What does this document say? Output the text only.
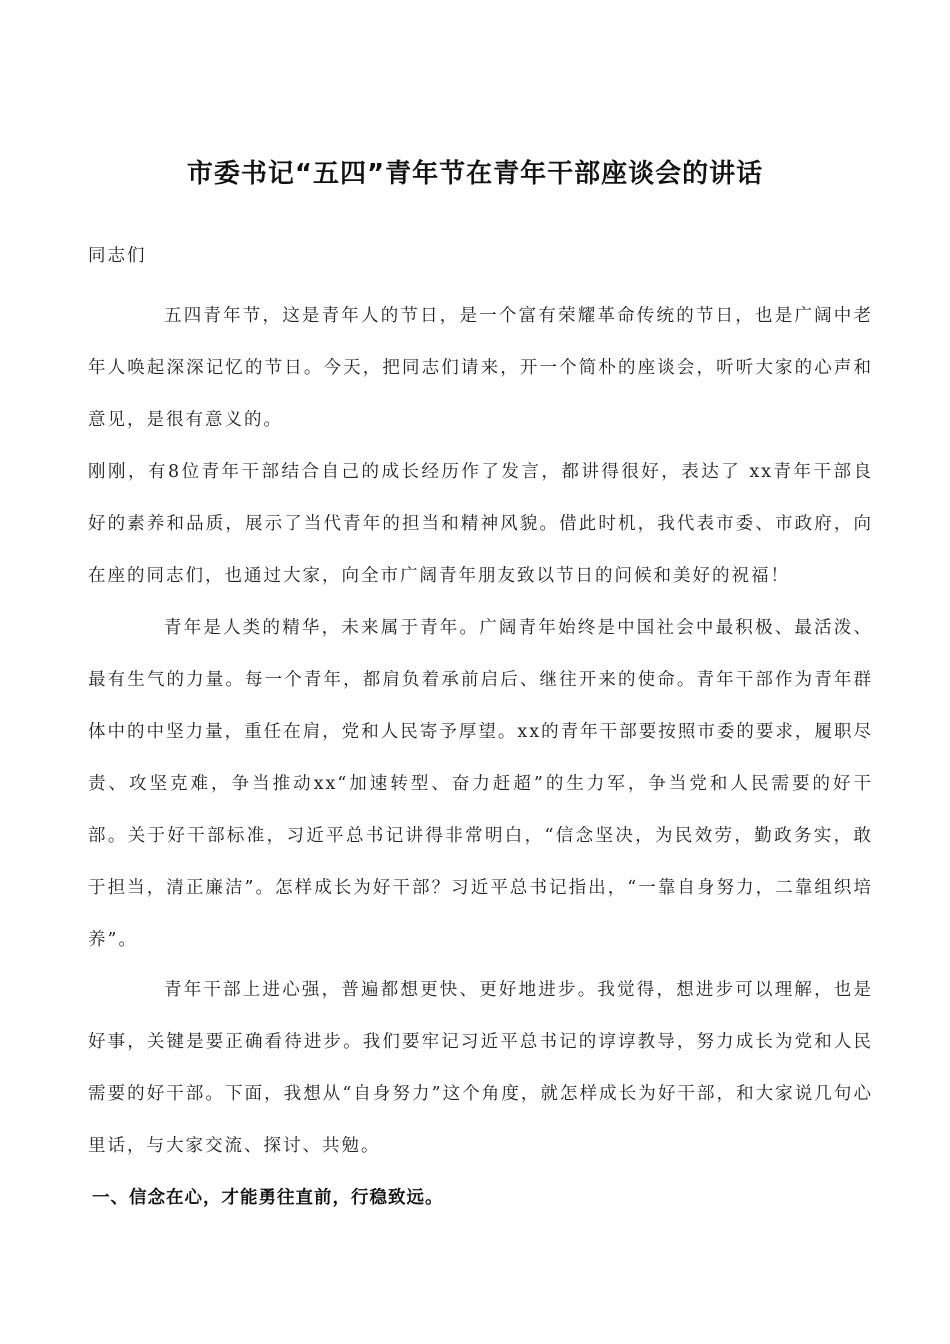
市委书记“五四”青年节在青年干部座谈会的讲话

同志们

五四青年节，这是青年人的节日，是一个富有荣耀革命传统的节日，也是广阔中老年人唤起深深记忆的节日。今天，把同志们请来，开一个简朴的座谈会，听听大家的心声和意见，是很有意义的。

刚刚，有8位青年干部结合自己的成长经历作了发言，都讲得很好，表达了 xx青年干部良好的素养和品质，展示了当代青年的担当和精神风貌。借此时机，我代表市委、市政府，向在座的同志们，也通过大家，向全市广阔青年朋友致以节日的问候和美好的祝福！

青年是人类的精华，未来属于青年。广阔青年始终是中国社会中最积极、最活泼、最有生气的力量。每一个青年，都肩负着承前启后、继往开来的使命。青年干部作为青年群体中的中坚力量，重任在肩，党和人民寄予厚望。xx的青年干部要按照市委的要求，履职尽责、攻坚克难，争当推动xx“加速转型、奋力赶超”的生力军，争当党和人民需要的好干部。关于好干部标准，习近平总书记讲得非常明白，“信念坚决，为民效劳，勤政务实，敢于担当，清正廉洁”。怎样成长为好干部？习近平总书记指出，“一靠自身努力，二靠组织培养”。

青年干部上进心强，普遍都想更快、更好地进步。我觉得，想进步可以理解，也是好事，关键是要正确看待进步。我们要牢记习近平总书记的谆谆教导，努力成长为党和人民需要的好干部。下面，我想从“自身努力”这个角度，就怎样成长为好干部，和大家说几句心里话，与大家交流、探讨、共勉。

一、信念在心，才能勇往直前，行稳致远。
